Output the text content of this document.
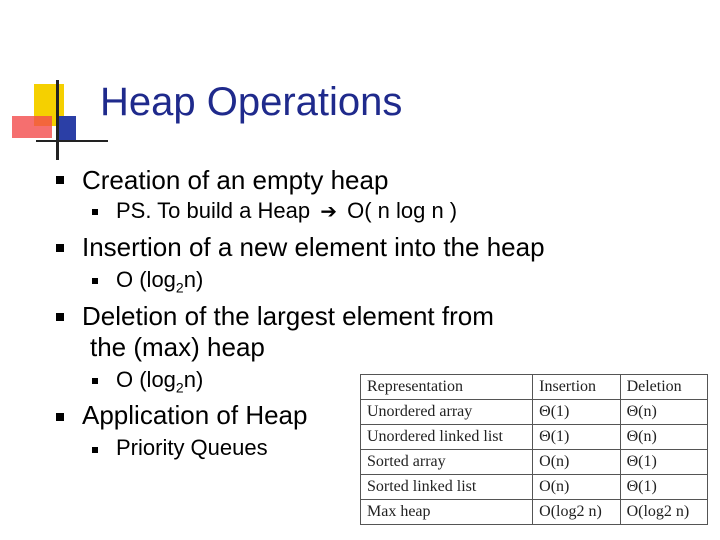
Heap Operations
Creation of an empty heap
PS. To build a Heap ➔ O( n log n )
Insertion of a new element into the heap
O $(\log_2n)$
Deletion of the largest element from
the (max) heap
O $(\log_2n)$
Application of Heap
Priority Queues
Representation	Insertion	Deletion
Unordered array	Θ(1)	Θ(n)
Unordered linked list	Θ(1)	Θ(n)
Sorted array	O(n)	Θ(1)
Sorted linked list	O(n)	Θ(1)
Max heap	O(log2 n)	O(log2 n)
